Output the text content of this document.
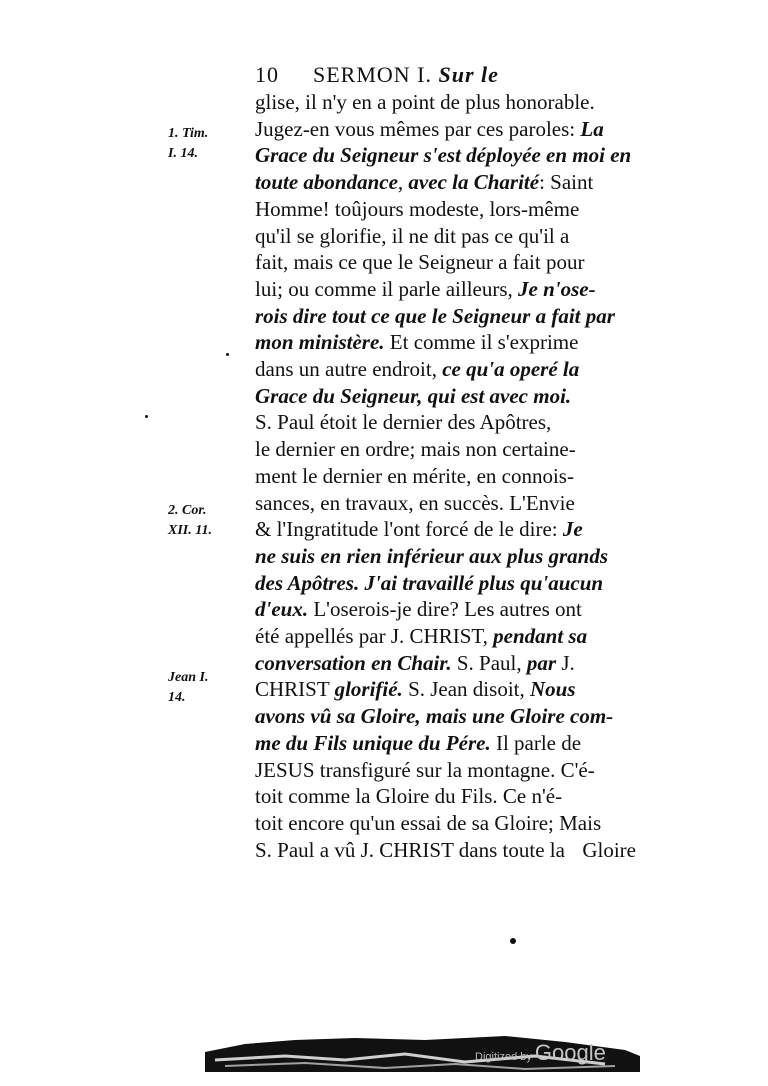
10 SERMON I. Sur le
glise, il n'y en a point de plus honorable.
Jugez-en vous mêmes par ces paroles: La
Grace du Seigneur s'est déployée en moi en
toute abondance, avec la Charité: Saint
Homme! toûjours modeste, lors-même
qu'il se glorifie, il ne dit pas ce qu'il a
fait, mais ce que le Seigneur a fait pour
lui; ou comme il parle ailleurs, Je n'ose-
rois dire tout ce que le Seigneur a fait par
mon ministère. Et comme il s'exprime
dans un autre endroit, ce qu'a operé la
Grace du Seigneur, qui est avec moi.
S. Paul étoit le dernier des Apôtres,
le dernier en ordre; mais non certaine-
ment le dernier en mérite, en connois-
sances, en travaux, en succès. L'Envie
& l'Ingratitude l'ont forcé de le dire: Je
ne suis en rien inférieur aux plus grands
des Apôtres. J'ai travaillé plus qu'aucun
d'eux. L'oserois-je dire? Les autres ont
été appellés par J. CHRIST, pendant sa
conversation en Chair. S. Paul, par J.
CHRIST glorifié. S. Jean disoit, Nous
avons vû sa Gloire, mais une Gloire com-
me du Fils unique du Pére. Il parle de
JESUS transfiguré sur la montagne. C'é-
toit comme la Gloire du Fils. Ce n'é-
toit encore qu'un essai de sa Gloire; Mais
S. Paul a vû J. CHRIST dans toute la Gloire
1. Tim.
I. 14.
2. Cor.
XII. 11.
Jean I.
14.
Digitized by Google
